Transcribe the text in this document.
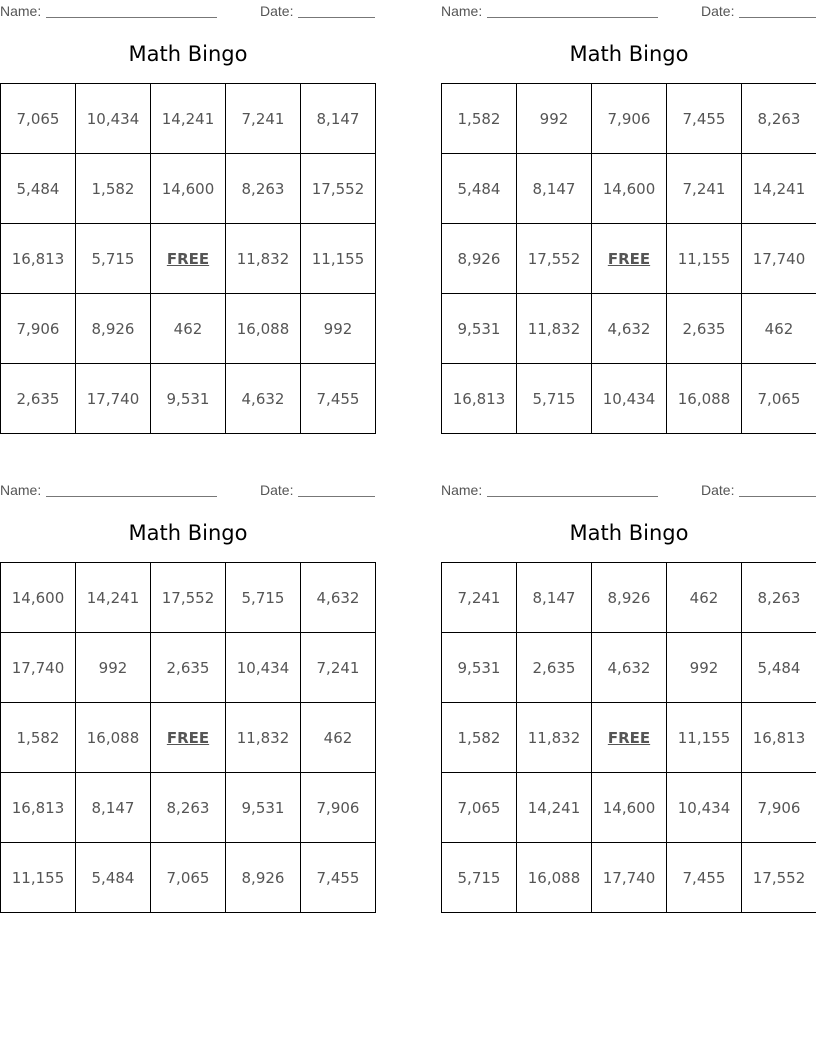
Name:	Date:
Math Bingo
7,065	10,434	14,241	7,241	8,147
5,484	1,582	14,600	8,263	17,552
16,813	5,715	FREE	11,832	11,155
7,906	8,926	462	16,088	992
2,635	17,740	9,531	4,632	7,455
Name:	Date:
Math Bingo
1,582	992	7,906	7,455	8,263
5,484	8,147	14,600	7,241	14,241
8,926	17,552	FREE	11,155	17,740
9,531	11,832	4,632	2,635	462
16,813	5,715	10,434	16,088	7,065
Name:	Date:
Math Bingo
14,600	14,241	17,552	5,715	4,632
17,740	992	2,635	10,434	7,241
1,582	16,088	FREE	11,832	462
16,813	8,147	8,263	9,531	7,906
11,155	5,484	7,065	8,926	7,455
Name:	Date:
Math Bingo
7,241	8,147	8,926	462	8,263
9,531	2,635	4,632	992	5,484
1,582	11,832	FREE	11,155	16,813
7,065	14,241	14,600	10,434	7,906
5,715	16,088	17,740	7,455	17,552
